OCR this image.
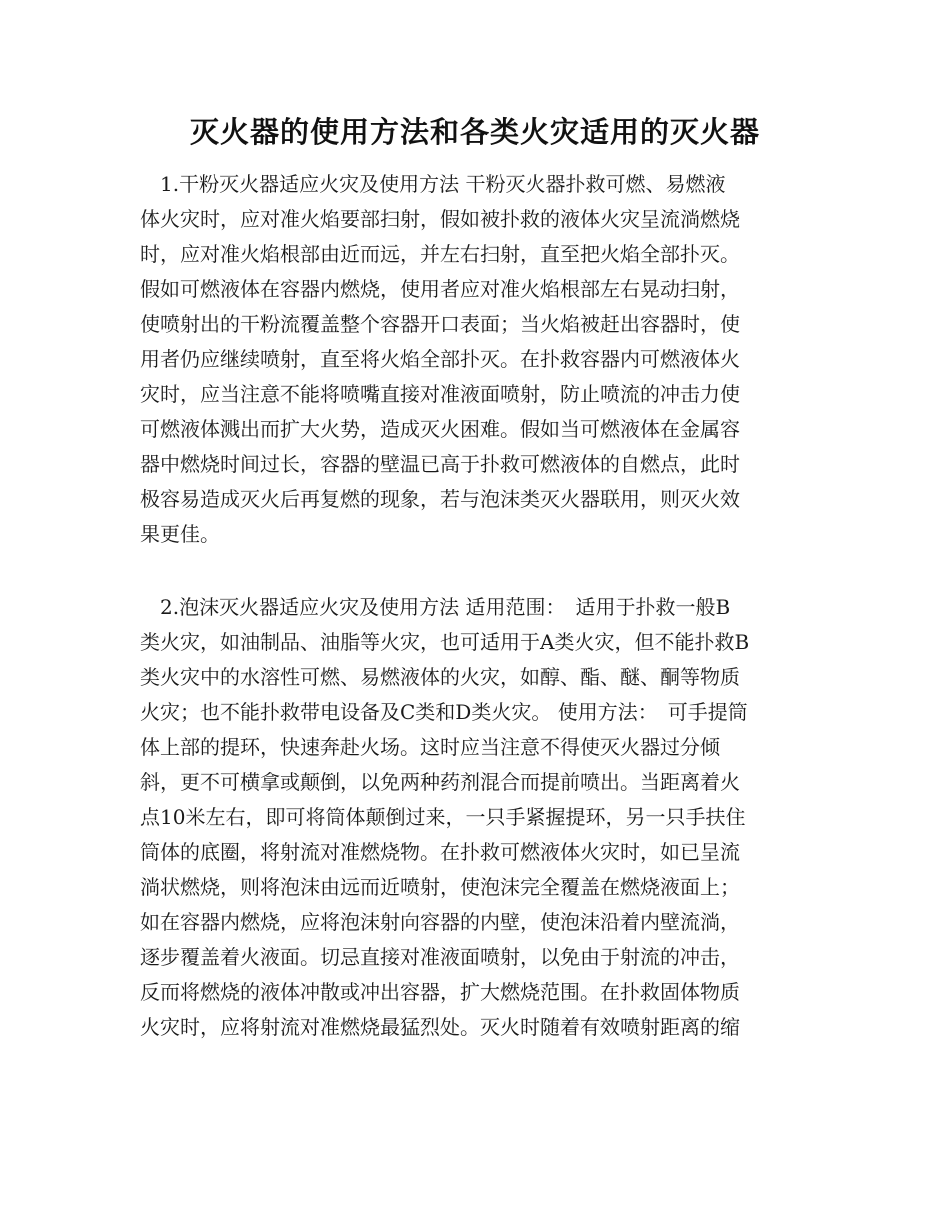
灭火器的使用方法和各类火灾适用的灭火器
　1.干粉灭火器适应火灾及使用方法 干粉灭火器扑救可燃、易燃液
体火灾时，应对准火焰要部扫射，假如被扑救的液体火灾呈流淌燃烧
时，应对准火焰根部由近而远，并左右扫射，直至把火焰全部扑灭。
假如可燃液体在容器内燃烧，使用者应对准火焰根部左右晃动扫射，
使喷射出的干粉流覆盖整个容器开口表面；当火焰被赶出容器时，使
用者仍应继续喷射，直至将火焰全部扑灭。在扑救容器内可燃液体火
灾时，应当注意不能将喷嘴直接对准液面喷射，防止喷流的冲击力使
可燃液体溅出而扩大火势，造成灭火困难。假如当可燃液体在金属容
器中燃烧时间过长，容器的壁温已高于扑救可燃液体的自燃点，此时
极容易造成灭火后再复燃的现象，若与泡沫类灭火器联用，则灭火效
果更佳。
　2.泡沫灭火器适应火灾及使用方法 适用范围：　适用于扑救一般B
类火灾，如油制品、油脂等火灾，也可适用于A类火灾，但不能扑救B
类火灾中的水溶性可燃、易燃液体的火灾，如醇、酯、醚、酮等物质
火灾；也不能扑救带电设备及C类和D类火灾。 使用方法：　可手提筒
体上部的提环，快速奔赴火场。这时应当注意不得使灭火器过分倾
斜，更不可横拿或颠倒，以免两种药剂混合而提前喷出。当距离着火
点10米左右，即可将筒体颠倒过来，一只手紧握提环，另一只手扶住
筒体的底圈，将射流对准燃烧物。在扑救可燃液体火灾时，如已呈流
淌状燃烧，则将泡沫由远而近喷射，使泡沫完全覆盖在燃烧液面上；
如在容器内燃烧，应将泡沫射向容器的内壁，使泡沫沿着内壁流淌，
逐步覆盖着火液面。切忌直接对准液面喷射，以免由于射流的冲击，
反而将燃烧的液体冲散或冲出容器，扩大燃烧范围。在扑救固体物质
火灾时，应将射流对准燃烧最猛烈处。灭火时随着有效喷射距离的缩
